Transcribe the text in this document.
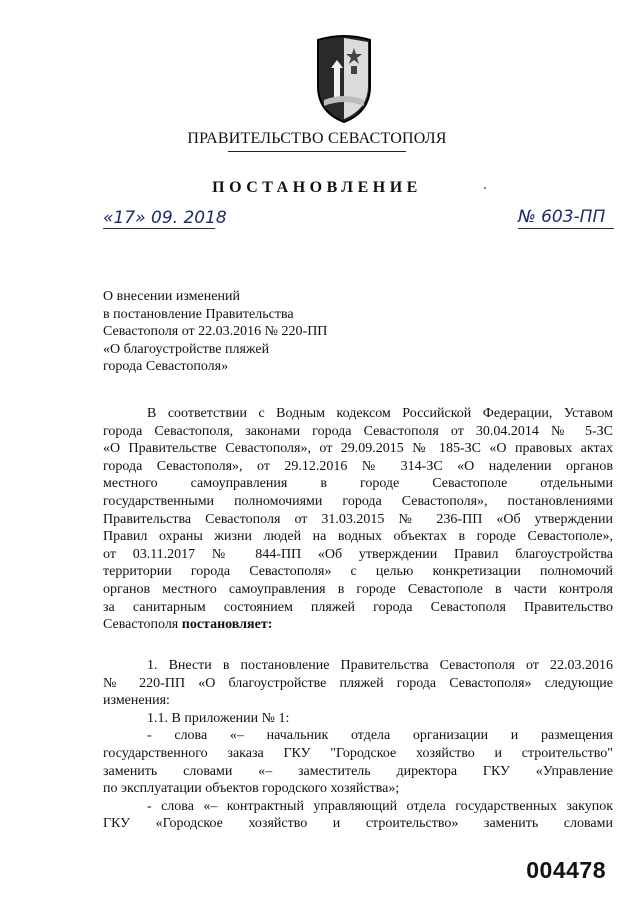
ПРАВИТЕЛЬСТВО СЕВАСТОПОЛЯ
ПОСТАНОВЛЕНИЕ
«17» 09. 2018	№ 603-ПП
О внесении изменений
в постановление Правительства
Севастополя от 22.03.2016 № 220-ПП
«О благоустройстве пляжей
города Севастополя»
В соответствии с Водным кодексом Российской Федерации, Уставом
города Севастополя, законами города Севастополя от 30.04.2014 № 5-ЗС
«О Правительстве Севастополя», от 29.09.2015 № 185-ЗС «О правовых актах
города Севастополя», от 29.12.2016 № 314-ЗС «О наделении органов
местного самоуправления в городе Севастополе отдельными
государственными полномочиями города Севастополя», постановлениями
Правительства Севастополя от 31.03.2015 № 236-ПП «Об утверждении
Правил охраны жизни людей на водных объектах в городе Севастополе»,
от 03.11.2017 № 844-ПП «Об утверждении Правил благоустройства
территории города Севастополя» с целью конкретизации полномочий
органов местного самоуправления в городе Севастополе в части контроля
за санитарным состоянием пляжей города Севастополя Правительство
Севастополя постановляет:
1. Внести в постановление Правительства Севастополя от 22.03.2016
№ 220-ПП «О благоустройстве пляжей города Севастополя» следующие
изменения:
1.1. В приложении № 1:
- слова «– начальник отдела организации и размещения
государственного заказа ГКУ "Городское хозяйство и строительство"
заменить словами «– заместитель директора ГКУ «Управление
по эксплуатации объектов городского хозяйства»;
- слова «– контрактный управляющий отдела государственных закупок
ГКУ «Городское хозяйство и строительство» заменить словами
004478
